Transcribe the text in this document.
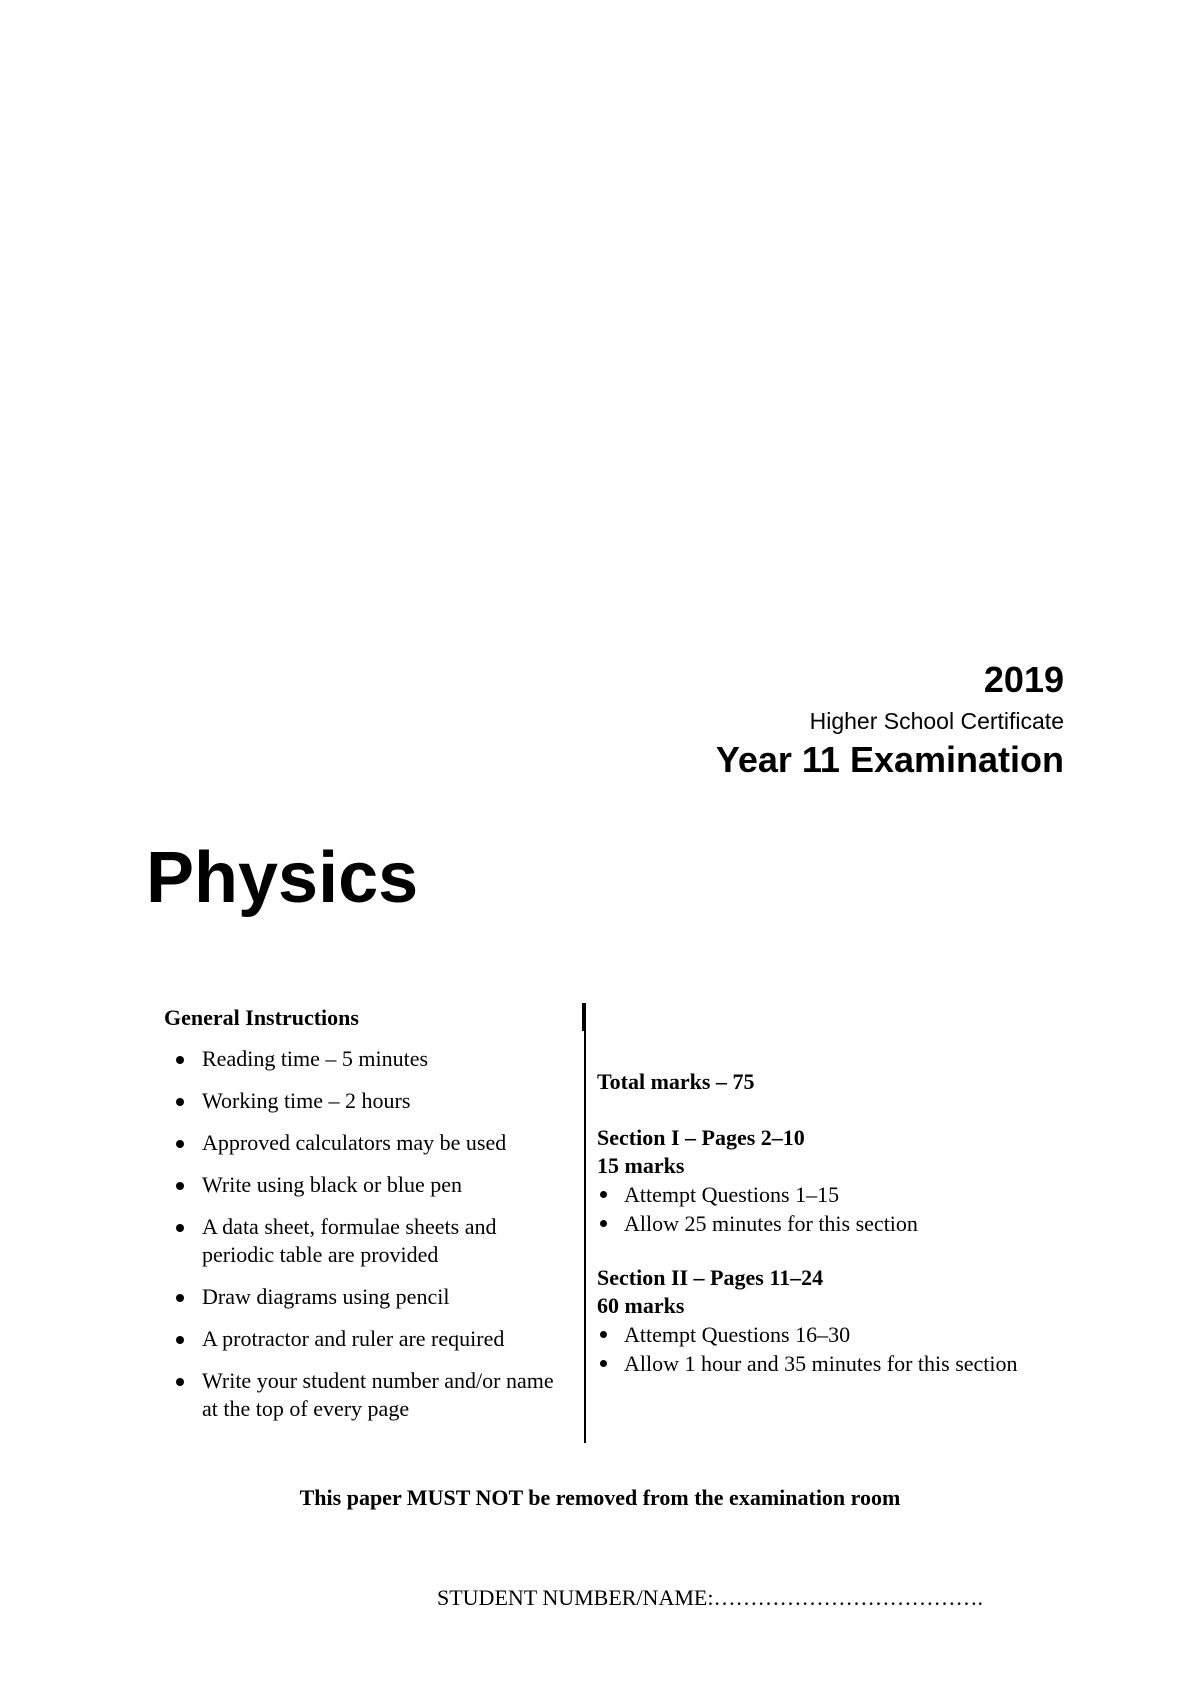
2019
Higher School Certificate
Year 11 Examination
Physics
General Instructions
Reading time – 5 minutes
Working time – 2 hours
Approved calculators may be used
Write using black or blue pen
A data sheet, formulae sheets and periodic table are provided
Draw diagrams using pencil
A protractor and ruler are required
Write your student number and/or name at the top of every page
Total marks – 75
Section I – Pages 2–10
15 marks
Attempt Questions 1–15
Allow 25 minutes for this section
Section II – Pages 11–24
60 marks
Attempt Questions 16–30
Allow 1 hour and 35 minutes for this section
This paper MUST NOT be removed from the examination room
STUDENT NUMBER/NAME:……………………………….
